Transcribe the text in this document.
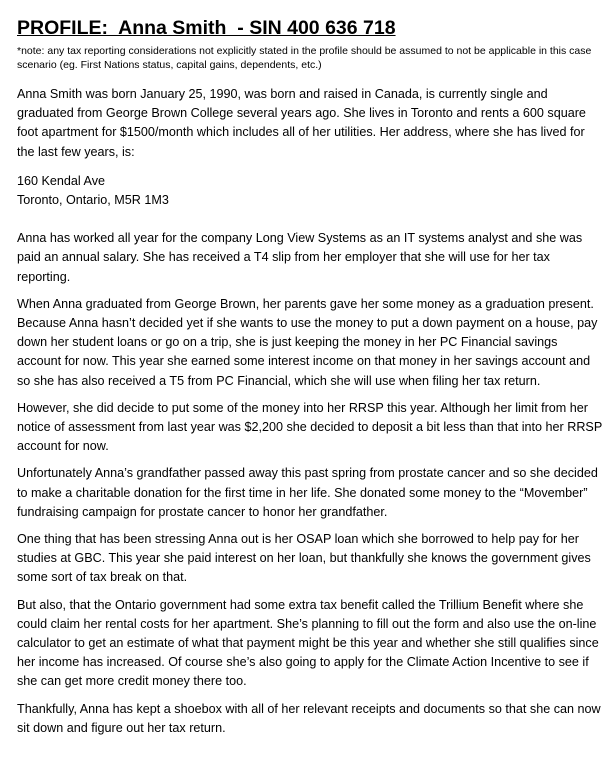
PROFILE:  Anna Smith  - SIN 400 636 718

*note: any tax reporting considerations not explicitly stated in the profile should be assumed to not be applicable in this case scenario (eg. First Nations status, capital gains, dependents, etc.)

Anna Smith was born January 25, 1990, was born and raised in Canada, is currently single and graduated from George Brown College several years ago. She lives in Toronto and rents a 600 square foot apartment for $1500/month which includes all of her utilities. Her address, where she has lived for the last few years, is:

160 Kendal Ave
Toronto, Ontario, M5R 1M3

Anna has worked all year for the company Long View Systems as an IT systems analyst and she was paid an annual salary. She has received a T4 slip from her employer that she will use for her tax reporting.

When Anna graduated from George Brown, her parents gave her some money as a graduation present. Because Anna hasn’t decided yet if she wants to use the money to put a down payment on a house, pay down her student loans or go on a trip, she is just keeping the money in her PC Financial savings account for now. This year she earned some interest income on that money in her savings account and so she has also received a T5 from PC Financial, which she will use when filing her tax return.

However, she did decide to put some of the money into her RRSP this year. Although her limit from her notice of assessment from last year was $2,200 she decided to deposit a bit less than that into her RRSP account for now.

Unfortunately Anna’s grandfather passed away this past spring from prostate cancer and so she decided to make a charitable donation for the first time in her life. She donated some money to the “Movember” fundraising campaign for prostate cancer to honor her grandfather.

One thing that has been stressing Anna out is her OSAP loan which she borrowed to help pay for her studies at GBC. This year she paid interest on her loan, but thankfully she knows the government gives some sort of tax break on that.

But also, that the Ontario government had some extra tax benefit called the Trillium Benefit where she could claim her rental costs for her apartment. She’s planning to fill out the form and also use the on-line calculator to get an estimate of what that payment might be this year and whether she still qualifies since her income has increased. Of course she’s also going to apply for the Climate Action Incentive to see if she can get more credit money there too.

Thankfully, Anna has kept a shoebox with all of her relevant receipts and documents so that she can now sit down and figure out her tax return.
